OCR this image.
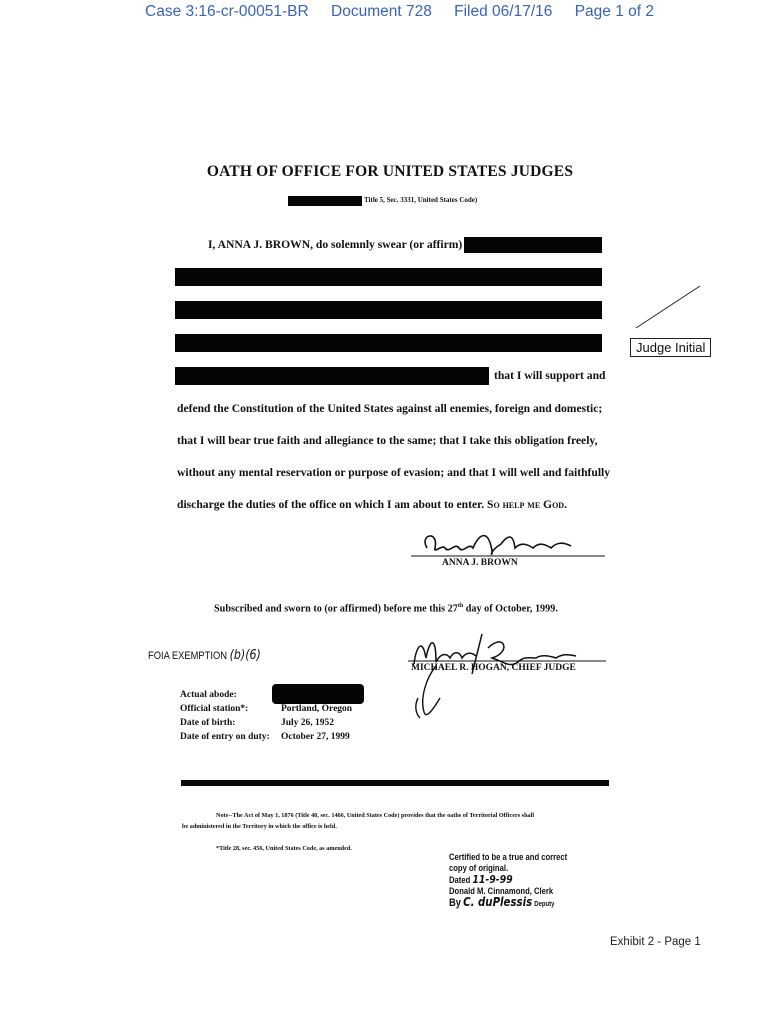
Case 3:16-cr-00051-BR Document 728 Filed 06/17/16 Page 1 of 2
OATH OF OFFICE FOR UNITED STATES JUDGES
Title 5, Sec. 3331, United States Code)
I, ANNA J. BROWN, do solemnly swear (or affirm)
that I will support and
defend the Constitution of the United States against all enemies, foreign and domestic;
that I will bear true faith and allegiance to the same; that I take this obligation freely,
without any mental reservation or purpose of evasion; and that I will well and faithfully
discharge the duties of the office on which I am about to enter. So help me God.
Judge Initial
ANNA J. BROWN
Subscribed and sworn to (or affirmed) before me this 27th day of October, 1999.
FOIA EXEMPTION (b)(6)
MICHAEL R. HOGAN, CHIEF JUDGE
Actual abode:
Official station*:	Portland, Oregon
Date of birth:	July 26, 1952
Date of entry on duty: October 27, 1999
Note--The Act of May 1, 1876 (Title 48, sec. 1466, United States Code) provides that the oaths of Territorial Officers shall
be administered in the Territory in which the office is held.
*Title 28, sec. 456, United States Code, as amended.
Certified to be a true and correct
copy of original.
Dated 11-9-99
Donald M. Cinnamond, Clerk
By C. duPlessis Deputy
Exhibit 2 - Page 1
